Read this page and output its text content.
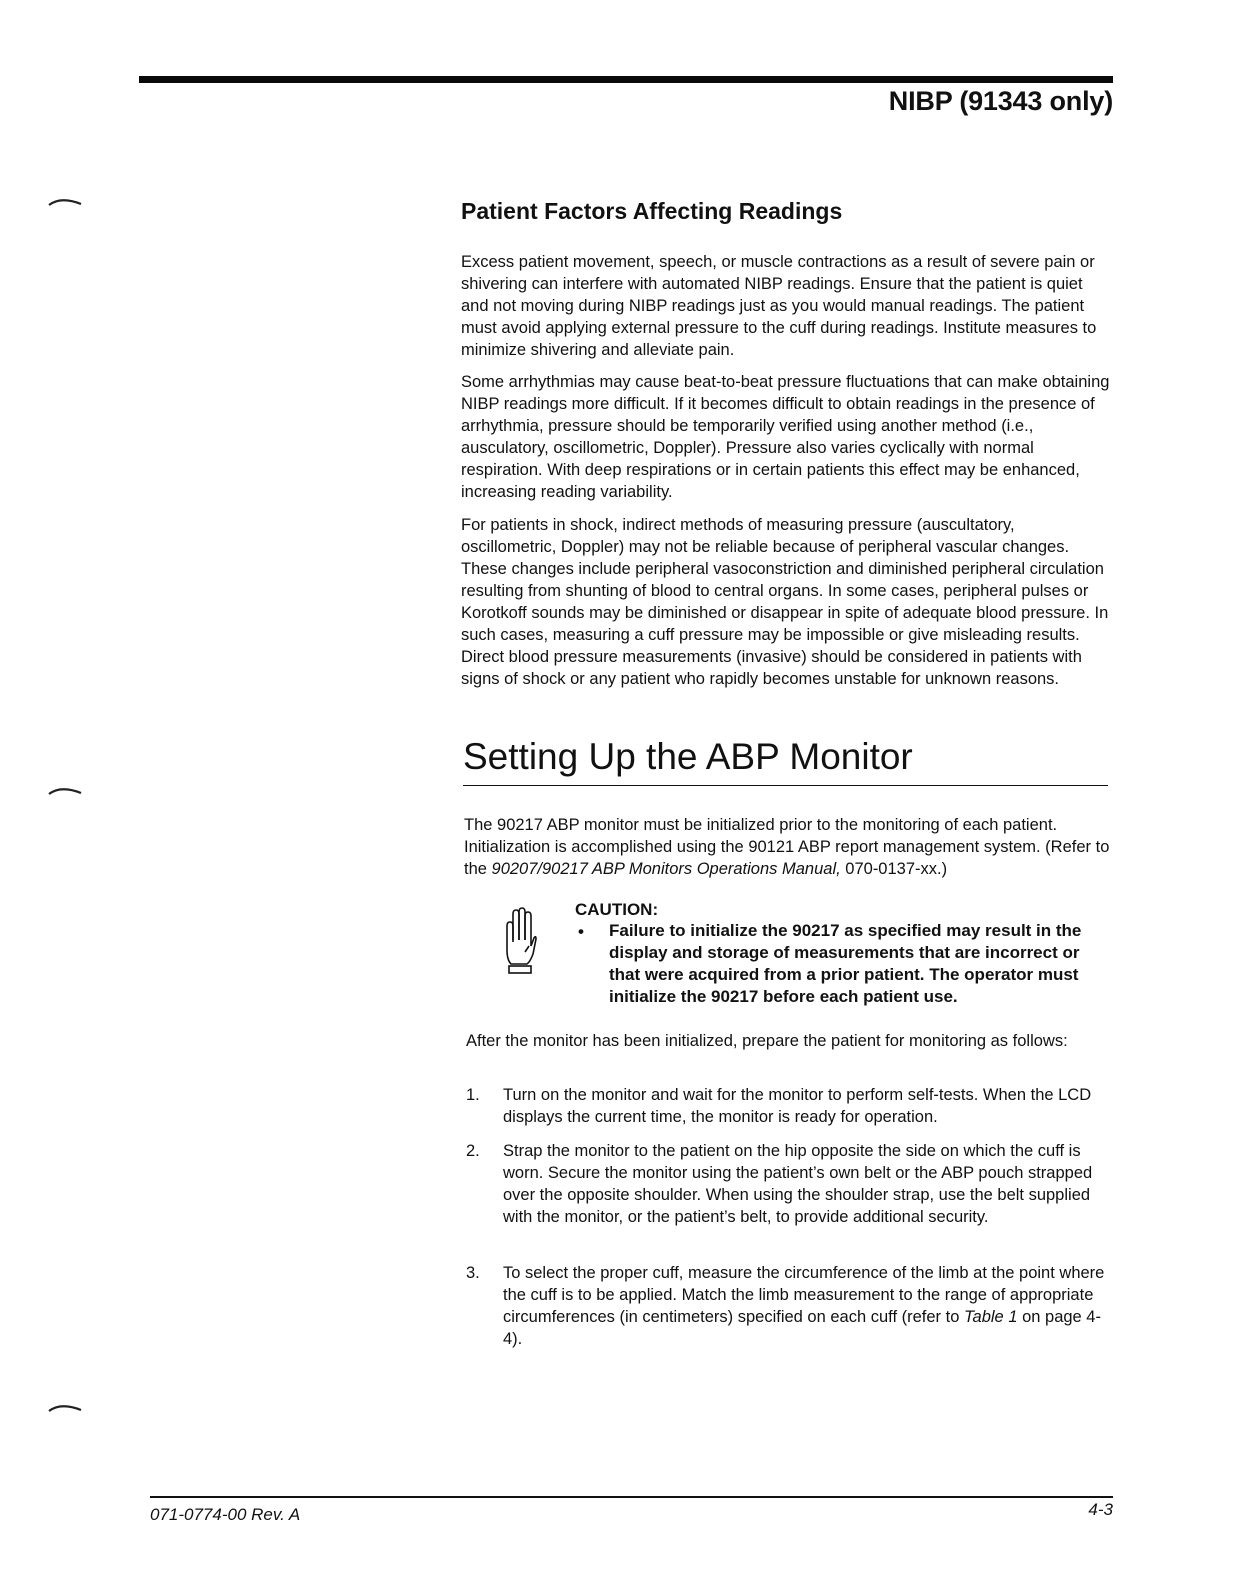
NIBP (91343 only)
Patient Factors Affecting Readings

Excess patient movement, speech, or muscle contractions as a result of severe pain or shivering can interfere with automated NIBP readings. Ensure that the patient is quiet and not moving during NIBP readings just as you would manual readings. The patient must avoid applying external pressure to the cuff during readings. Institute measures to minimize shivering and alleviate pain.

Some arrhythmias may cause beat-to-beat pressure fluctuations that can make obtaining NIBP readings more difficult. If it becomes difficult to obtain readings in the presence of arrhythmia, pressure should be temporarily verified using another method (i.e., ausculatory, oscillometric, Doppler). Pressure also varies cyclically with normal respiration. With deep respirations or in certain patients this effect may be enhanced, increasing reading variability.

For patients in shock, indirect methods of measuring pressure (auscultatory, oscillometric, Doppler) may not be reliable because of peripheral vascular changes. These changes include peripheral vasoconstriction and diminished peripheral circulation resulting from shunting of blood to central organs. In some cases, peripheral pulses or Korotkoff sounds may be diminished or disappear in spite of adequate blood pressure. In such cases, measuring a cuff pressure may be impossible or give misleading results. Direct blood pressure measurements (invasive) should be considered in patients with signs of shock or any patient who rapidly becomes unstable for unknown reasons.

Setting Up the ABP Monitor

The 90217 ABP monitor must be initialized prior to the monitoring of each patient. Initialization is accomplished using the 90121 ABP report management system. (Refer to the 90207/90217 ABP Monitors Operations Manual, 070-0137-xx.)

CAUTION:
• Failure to initialize the 90217 as specified may result in the display and storage of measurements that are incorrect or that were acquired from a prior patient. The operator must initialize the 90217 before each patient use.

After the monitor has been initialized, prepare the patient for monitoring as follows:

1. Turn on the monitor and wait for the monitor to perform self-tests. When the LCD displays the current time, the monitor is ready for operation.
2. Strap the monitor to the patient on the hip opposite the side on which the cuff is worn. Secure the monitor using the patient’s own belt or the ABP pouch strapped over the opposite shoulder. When using the shoulder strap, use the belt supplied with the monitor, or the patient’s belt, to provide additional security.
3. To select the proper cuff, measure the circumference of the limb at the point where the cuff is to be applied. Match the limb measurement to the range of appropriate circumferences (in centimeters) specified on each cuff (refer to Table 1 on page 4-4).
071-0774-00 Rev. A	4-3
